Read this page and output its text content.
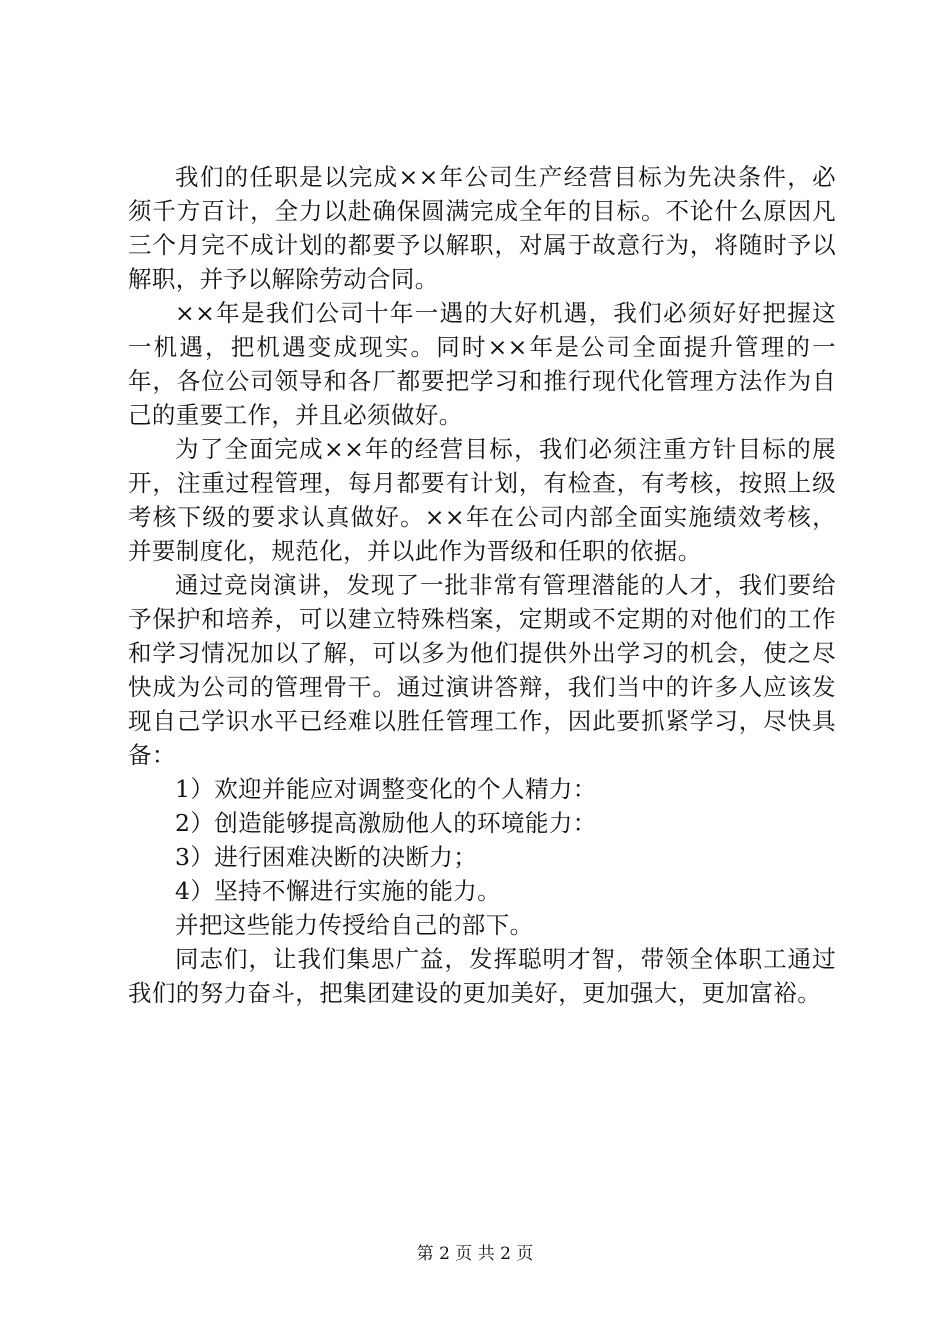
我们的任职是以完成××年公司生产经营目标为先决条件，必须千方百计，全力以赴确保圆满完成全年的目标。不论什么原因凡三个月完不成计划的都要予以解职，对属于故意行为，将随时予以解职，并予以解除劳动合同。

××年是我们公司十年一遇的大好机遇，我们必须好好把握这一机遇，把机遇变成现实。同时××年是公司全面提升管理的一年，各位公司领导和各厂都要把学习和推行现代化管理方法作为自己的重要工作，并且必须做好。

为了全面完成××年的经营目标，我们必须注重方针目标的展开，注重过程管理，每月都要有计划，有检查，有考核，按照上级考核下级的要求认真做好。××年在公司内部全面实施绩效考核，并要制度化，规范化，并以此作为晋级和任职的依据。

通过竞岗演讲，发现了一批非常有管理潜能的人才，我们要给予保护和培养，可以建立特殊档案，定期或不定期的对他们的工作和学习情况加以了解，可以多为他们提供外出学习的机会，使之尽快成为公司的管理骨干。通过演讲答辩，我们当中的许多人应该发现自己学识水平已经难以胜任管理工作，因此要抓紧学习，尽快具备：

1）欢迎并能应对调整变化的个人精力：

2）创造能够提高激励他人的环境能力：

3）进行困难决断的决断力；

4）坚持不懈进行实施的能力。

并把这些能力传授给自己的部下。

同志们，让我们集思广益，发挥聪明才智，带领全体职工通过我们的努力奋斗，把集团建设的更加美好，更加强大，更加富裕。

第 2 页 共 2 页
